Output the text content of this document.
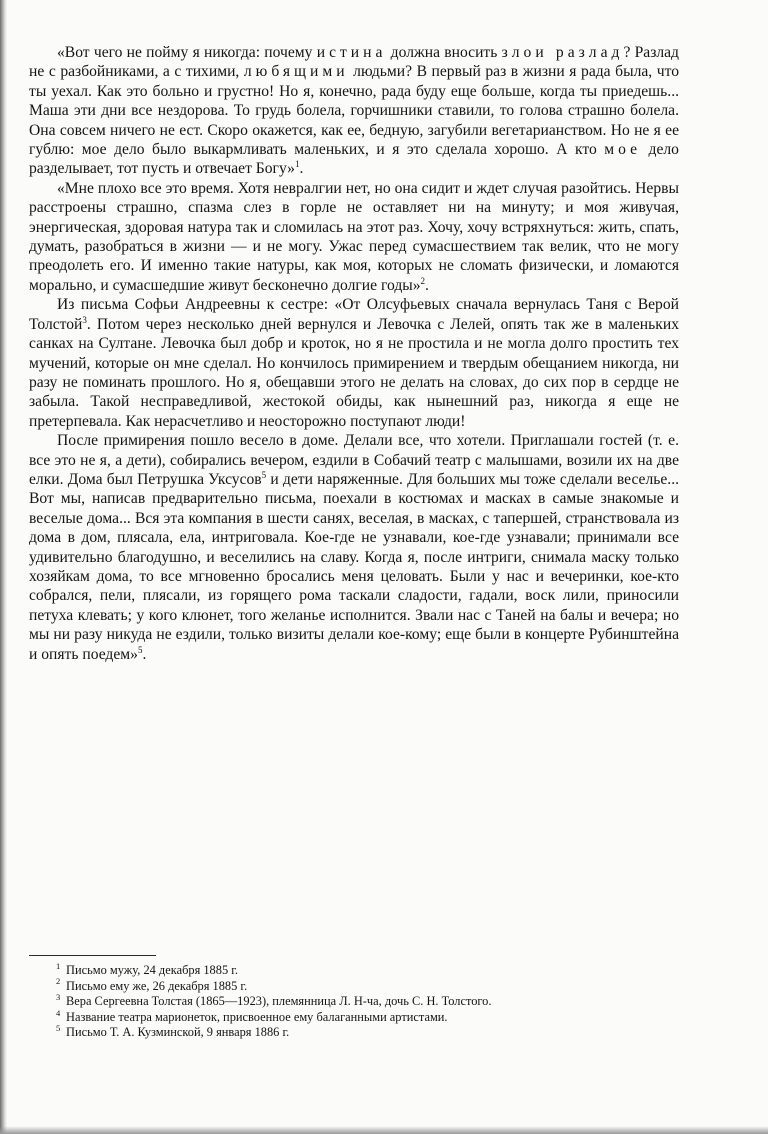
«Вот чего не пойму я никогда: почему истина должна вносить злои разлад? Разлад не с разбойниками, а с тихими, любящими людьми? В первый раз в жизни я рада была, что ты уехал. Как это больно и грустно! Но я, конечно, рада буду еще больше, когда ты приедешь... Маша эти дни все нездорова. То грудь болела, горчишники ставили, то голова страшно болела. Она совсем ничего не ест. Скоро окажется, как ее, бедную, загубили вегетарианством. Но не я ее гублю: мое дело было выкармливать маленьких, и я это сделала хорошо. А кто мое дело разделывает, тот пусть и отвечает Богу»$^1$.

«Мне плохо все это время. Хотя невралгии нет, но она сидит и ждет случая разойтись. Нервы расстроены страшно, спазма слез в горле не оставляет ни на минуту; и моя живучая, энергическая, здоровая натура так и сломилась на этот раз. Хочу, хочу встряхнуться: жить, спать, думать, разобраться в жизни — и не могу. Ужас перед сумасшествием так велик, что не могу преодолеть его. И именно такие натуры, как моя, которых не сломать физически, и ломаются морально, и сумасшедшие живут бесконечно долгие годы»$^2$.

Из письма Софьи Андреевны к сестре: «От Олсуфьевых сначала вернулась Таня с Верой Толстой$^3$. Потом через несколько дней вернулся и Левочка с Лелей, опять так же в маленьких санках на Султане. Левочка был добр и кроток, но я не простила и не могла долго простить тех мучений, которые он мне сделал. Но кончилось примирением и твердым обещанием никогда, ни разу не поминать прошлого. Но я, обещавши этого не делать на словах, до сих пор в сердце не забыла. Такой несправедливой, жестокой обиды, как нынешний раз, никогда я еще не претерпевала. Как нерасчетливо и неосторожно поступают люди!

После примирения пошло весело в доме. Делали все, что хотели. Приглашали гостей (т. е. все это не я, а дети), собирались вечером, ездили в Собачий театр с малышами, возили их на две елки. Дома был Петрушка Уксусов$^5$ и дети наряженные. Для больших мы тоже сделали веселье... Вот мы, написав предварительно письма, поехали в костюмах и масках в самые знакомые и веселые дома... Вся эта компания в шести санях, веселая, в масках, с тапершей, странствовала из дома в дом, плясала, ела, интриговала. Кое-где не узнавали, кое-где узнавали; принимали все удивительно благодушно, и веселились на славу. Когда я, после интриги, снимала маску только хозяйкам дома, то все мгновенно бросались меня целовать. Были у нас и вечеринки, кое-кто собрался, пели, плясали, из горящего рома таскали сладости, гадали, воск лили, приносили петуха клевать; у кого клюнет, того желанье исполнится. Звали нас с Таней на балы и вечера; но мы ни разу никуда не ездили, только визиты делали кое-кому; еще были в концерте Рубинштейна и опять поедем»$^5$.

1 Письмо мужу, 24 декабря 1885 г.

2 Письмо ему же, 26 декабря 1885 г.

3 Вера Сергеевна Толстая (1865—1923), племянница Л. Н-ча, дочь С. Н. Толстого.

4 Название театра марионеток, присвоенное ему балаганными артистами.

5 Письмо Т. А. Кузминской, 9 января 1886 г.
